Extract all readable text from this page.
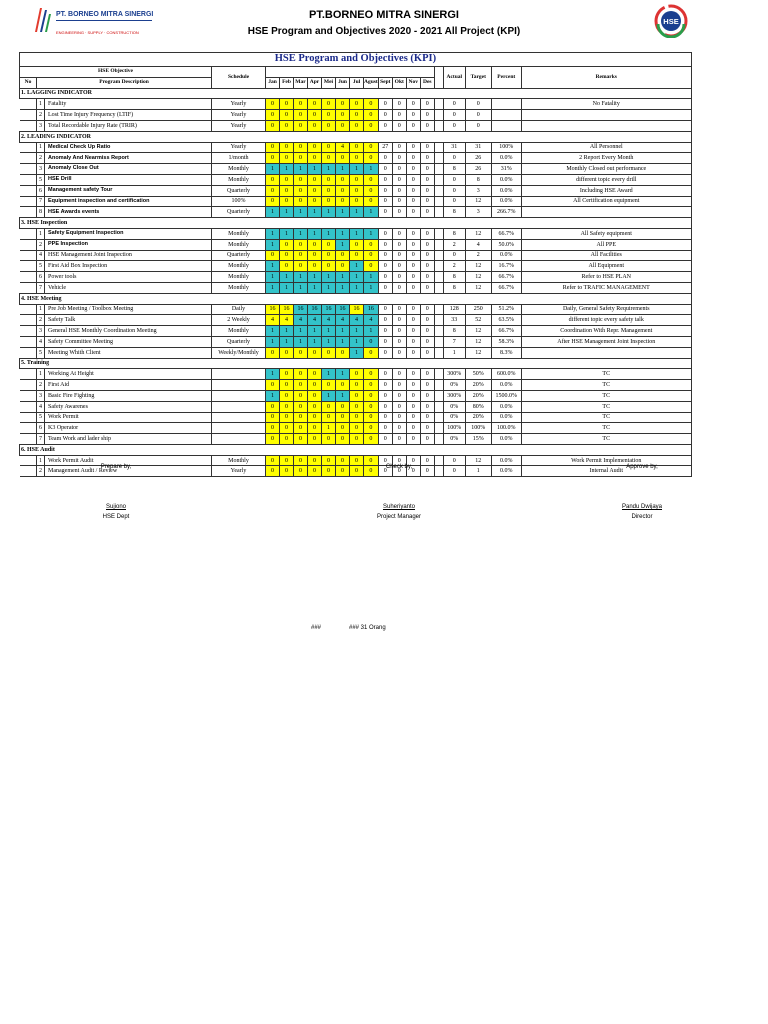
PT. BORNEO MITRA SINERGI
ENGINEERING · SUPPLY · CONSTRUCTION
PT.BORNEO MITRA SINERGI
HSE Program and Objectives 2020 - 2021 All Project (KPI)
HSE
HSE Program and Objectives (KPI)																				
HSE Objective			Schedule														Actual	Target	Percent	Remarks
No	Program Description			Jan	Feb	Mar	Apr	Mei	Jun	Jul	Agust	Sept	Okt	Nov	Des					
1. LAGGING INDICATOR																				
	1	Fatality	Yearly	0	0	0	0	0	0	0	0	0	0	0	0		0	0		No Fatality
	2	Lost Time Injury Frequency (LTIF)	Yearly	0	0	0	0	0	0	0	0	0	0	0	0		0	0		
	3	Total Recordable Injury Rate (TRIR)	Yearly	0	0	0	0	0	0	0	0	0	0	0	0		0	0		
2. LEADING INDICATOR																				
	1	Medical Check Up Ratio	Yearly	0	0	0	0	0	4	0	0	27	0	0	0		31	31	100%	All Personnel
	2	Anomaly And Nearmiss Report	1/month	0	0	0	0	0	0	0	0	0	0	0	0		0	26	0.0%	2 Report Every Month
	3	Anomaly Close Out	Monthly	1	1	1	1	1	1	1	1	0	0	0	0		8	26	31%	Monthly Closed out performance
	5	HSE Drill	Monthly	0	0	0	0	0	0	0	0	0	0	0	0		0	8	0.0%	different topic every drill
	6	Management safety Tour	Quarterly	0	0	0	0	0	0	0	0	0	0	0	0		0	3	0.0%	Including HSE Award
	7	Equipment inspection and certification	100%	0	0	0	0	0	0	0	0	0	0	0	0		0	12	0.0%	All Certification equipment
	8	HSE Awards events	Quarterly	1	1	1	1	1	1	1	1	0	0	0	0		8	3	266.7%	
3. HSE Inspection																				
	1	Safety Equipment Inspection	Monthly	1	1	1	1	1	1	1	1	0	0	0	0		8	12	66.7%	All Safety equipment
	2	PPE Inspection	Monthly	1	0	0	0	0	1	0	0	0	0	0	0		2	4	50.0%	All PPE
	4	HSE Management Joint Inspection	Quarterly	0	0	0	0	0	0	0	0	0	0	0	0		0	2	0.0%	All Facilities
	5	First Aid Box Inspection	Monthly	1	0	0	0	0	0	1	0	0	0	0	0		2	12	16.7%	All Equipment
	6	Power tools	Monthly	1	1	1	1	1	1	1	1	0	0	0	0		8	12	66.7%	Refer to HSE PLAN
	7	Vehicle	Monthly	1	1	1	1	1	1	1	1	0	0	0	0		8	12	66.7%	Refer to TRAFIC MANAGEMENT
4. HSE Meeting																				
	1	Pre Job Meeting / Toolbox Meeting	Daily	16	16	16	16	16	16	16	16	0	0	0	0		128	250	51.2%	Daily, General Safety Requirements
	2	Safety Talk	2 Weekly	4	4	4	4	4	4	4	4	0	0	0	0		33	52	63.5%	different topic every safety talk
	3	General HSE Monthly Coordination Meeting	Monthly	1	1	1	1	1	1	1	1	0	0	0	0		8	12	66.7%	Coordination With Repr. Management
	4	Safety Committee Meeting	Quarterly	1	1	1	1	1	1	1	0	0	0	0	0		7	12	58.3%	After HSE Management Joint Inspection
	5	Meeting Whith Client	Weekly/Monthly	0	0	0	0	0	0	1	0	0	0	0	0		1	12	8.3%	
5. Training																				
	1	Working At Height		1	0	0	0	1	1	0	0	0	0	0	0		300%	50%	600.0%	TC
	2	First Aid		0	0	0	0	0	0	0	0	0	0	0	0		0%	20%	0.0%	TC
	3	Basic Fire Fighting		1	0	0	0	1	1	0	0	0	0	0	0		300%	20%	1500.0%	TC
	4	Safety Awarenes		0	0	0	0	0	0	0	0	0	0	0	0		0%	80%	0.0%	TC
	5	Work Permit		0	0	0	0	0	0	0	0	0	0	0	0		0%	20%	0.0%	TC
	6	K3 Operator		0	0	0	0	1	0	0	0	0	0	0	0		100%	100%	100.0%	TC
	7	Team Work and lader ship		0	0	0	0	0	0	0	0	0	0	0	0		0%	15%	0.0%	TC
6. HSE Audit																				
	1	Work Permit Audit	Monthly	0	0	0	0	0	0	0	0	0	0	0	0		0	12	0.0%	Work Permit Implementation
	2	Management Audit / Review	Yearly	0	0	0	0	0	0	0	0	0	0	0	0		0	1	0.0%	Internal Audit
Prepare by,
Sujiono
HSE Dept
Check by,
Suheriyanto
Project Manager
Approve by,
Pandu Dwijaya
Director
###	### 31 Orang
